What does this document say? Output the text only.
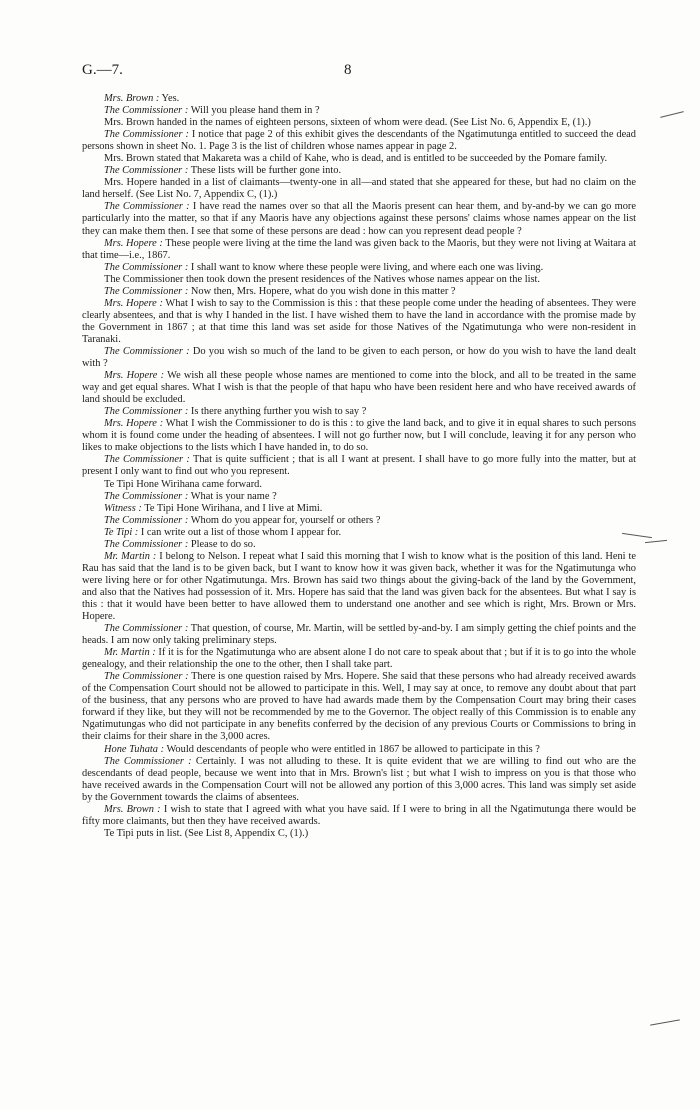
G.—7.	8

Mrs. Brown : Yes.

The Commissioner : Will you please hand them in ?

Mrs. Brown handed in the names of eighteen persons, sixteen of whom were dead. (See List No. 6, Appendix E, (1).)

The Commissioner : I notice that page 2 of this exhibit gives the descendants of the Ngatimutunga entitled to succeed the dead persons shown in sheet No. 1. Page 3 is the list of children whose names appear in page 2.

Mrs. Brown stated that Makareta was a child of Kahe, who is dead, and is entitled to be succeeded by the Pomare family.

The Commissioner : These lists will be further gone into.

Mrs. Hopere handed in a list of claimants—twenty-one in all—and stated that she appeared for these, but had no claim on the land herself. (See List No. 7, Appendix C, (1).)

The Commissioner : I have read the names over so that all the Maoris present can hear them, and by-and-by we can go more particularly into the matter, so that if any Maoris have any objections against these persons' claims whose names appear on the list they can make them then. I see that some of these persons are dead : how can you represent dead people ?

Mrs. Hopere : These people were living at the time the land was given back to the Maoris, but they were not living at Waitara at that time—i.e., 1867.

The Commissioner : I shall want to know where these people were living, and where each one was living.

The Commissioner then took down the present residences of the Natives whose names appear on the list.

The Commissioner : Now then, Mrs. Hopere, what do you wish done in this matter ?

Mrs. Hopere : What I wish to say to the Commission is this : that these people come under the heading of absentees. They were clearly absentees, and that is why I handed in the list. I have wished them to have the land in accordance with the promise made by the Government in 1867 ; at that time this land was set aside for those Natives of the Ngatimutunga who were non-resident in Taranaki.

The Commissioner : Do you wish so much of the land to be given to each person, or how do you wish to have the land dealt with ?

Mrs. Hopere : We wish all these people whose names are mentioned to come into the block, and all to be treated in the same way and get equal shares. What I wish is that the people of that hapu who have been resident here and who have received awards of land should be excluded.

The Commissioner : Is there anything further you wish to say ?

Mrs. Hopere : What I wish the Commissioner to do is this : to give the land back, and to give it in equal shares to such persons whom it is found come under the heading of absentees. I will not go further now, but I will conclude, leaving it for any person who likes to make objections to the lists which I have handed in, to do so.

The Commissioner : That is quite sufficient ; that is all I want at present. I shall have to go more fully into the matter, but at present I only want to find out who you represent.

Te Tipi Hone Wirihana came forward.

The Commissioner : What is your name ?

Witness : Te Tipi Hone Wirihana, and I live at Mimi.

The Commissioner : Whom do you appear for, yourself or others ?

Te Tipi : I can write out a list of those whom I appear for.

The Commissioner : Please to do so.

Mr. Martin : I belong to Nelson. I repeat what I said this morning that I wish to know what is the position of this land. Heni te Rau has said that the land is to be given back, but I want to know how it was given back, whether it was for the Ngatimutunga who were living here or for other Ngatimutunga. Mrs. Brown has said two things about the giving-back of the land by the Government, and also that the Natives had possession of it. Mrs. Hopere has said that the land was given back for the absentees. But what I say is this : that it would have been better to have allowed them to understand one another and see which is right, Mrs. Brown or Mrs. Hopere.

The Commissioner : That question, of course, Mr. Martin, will be settled by-and-by. I am simply getting the chief points and the heads. I am now only taking preliminary steps.

Mr. Martin : If it is for the Ngatimutunga who are absent alone I do not care to speak about that ; but if it is to go into the whole genealogy, and their relationship the one to the other, then I shall take part.

The Commissioner : There is one question raised by Mrs. Hopere. She said that these persons who had already received awards of the Compensation Court should not be allowed to participate in this. Well, I may say at once, to remove any doubt about that part of the business, that any persons who are proved to have had awards made them by the Compensation Court may bring their cases forward if they like, but they will not be recommended by me to the Governor. The object really of this Commission is to enable any Ngatimutungas who did not participate in any benefits conferred by the decision of any previous Courts or Commissions to bring in their claims for their share in the 3,000 acres.

Hone Tuhata : Would descendants of people who were entitled in 1867 be allowed to participate in this ?

The Commissioner : Certainly. I was not alluding to these. It is quite evident that we are willing to find out who are the descendants of dead people, because we went into that in Mrs. Brown's list ; but what I wish to impress on you is that those who have received awards in the Compensation Court will not be allowed any portion of this 3,000 acres. This land was simply set aside by the Government towards the claims of absentees.

Mrs. Brown : I wish to state that I agreed with what you have said. If I were to bring in all the Ngatimutunga there would be fifty more claimants, but then they have received awards.

Te Tipi puts in list. (See List 8, Appendix C, (1).)
